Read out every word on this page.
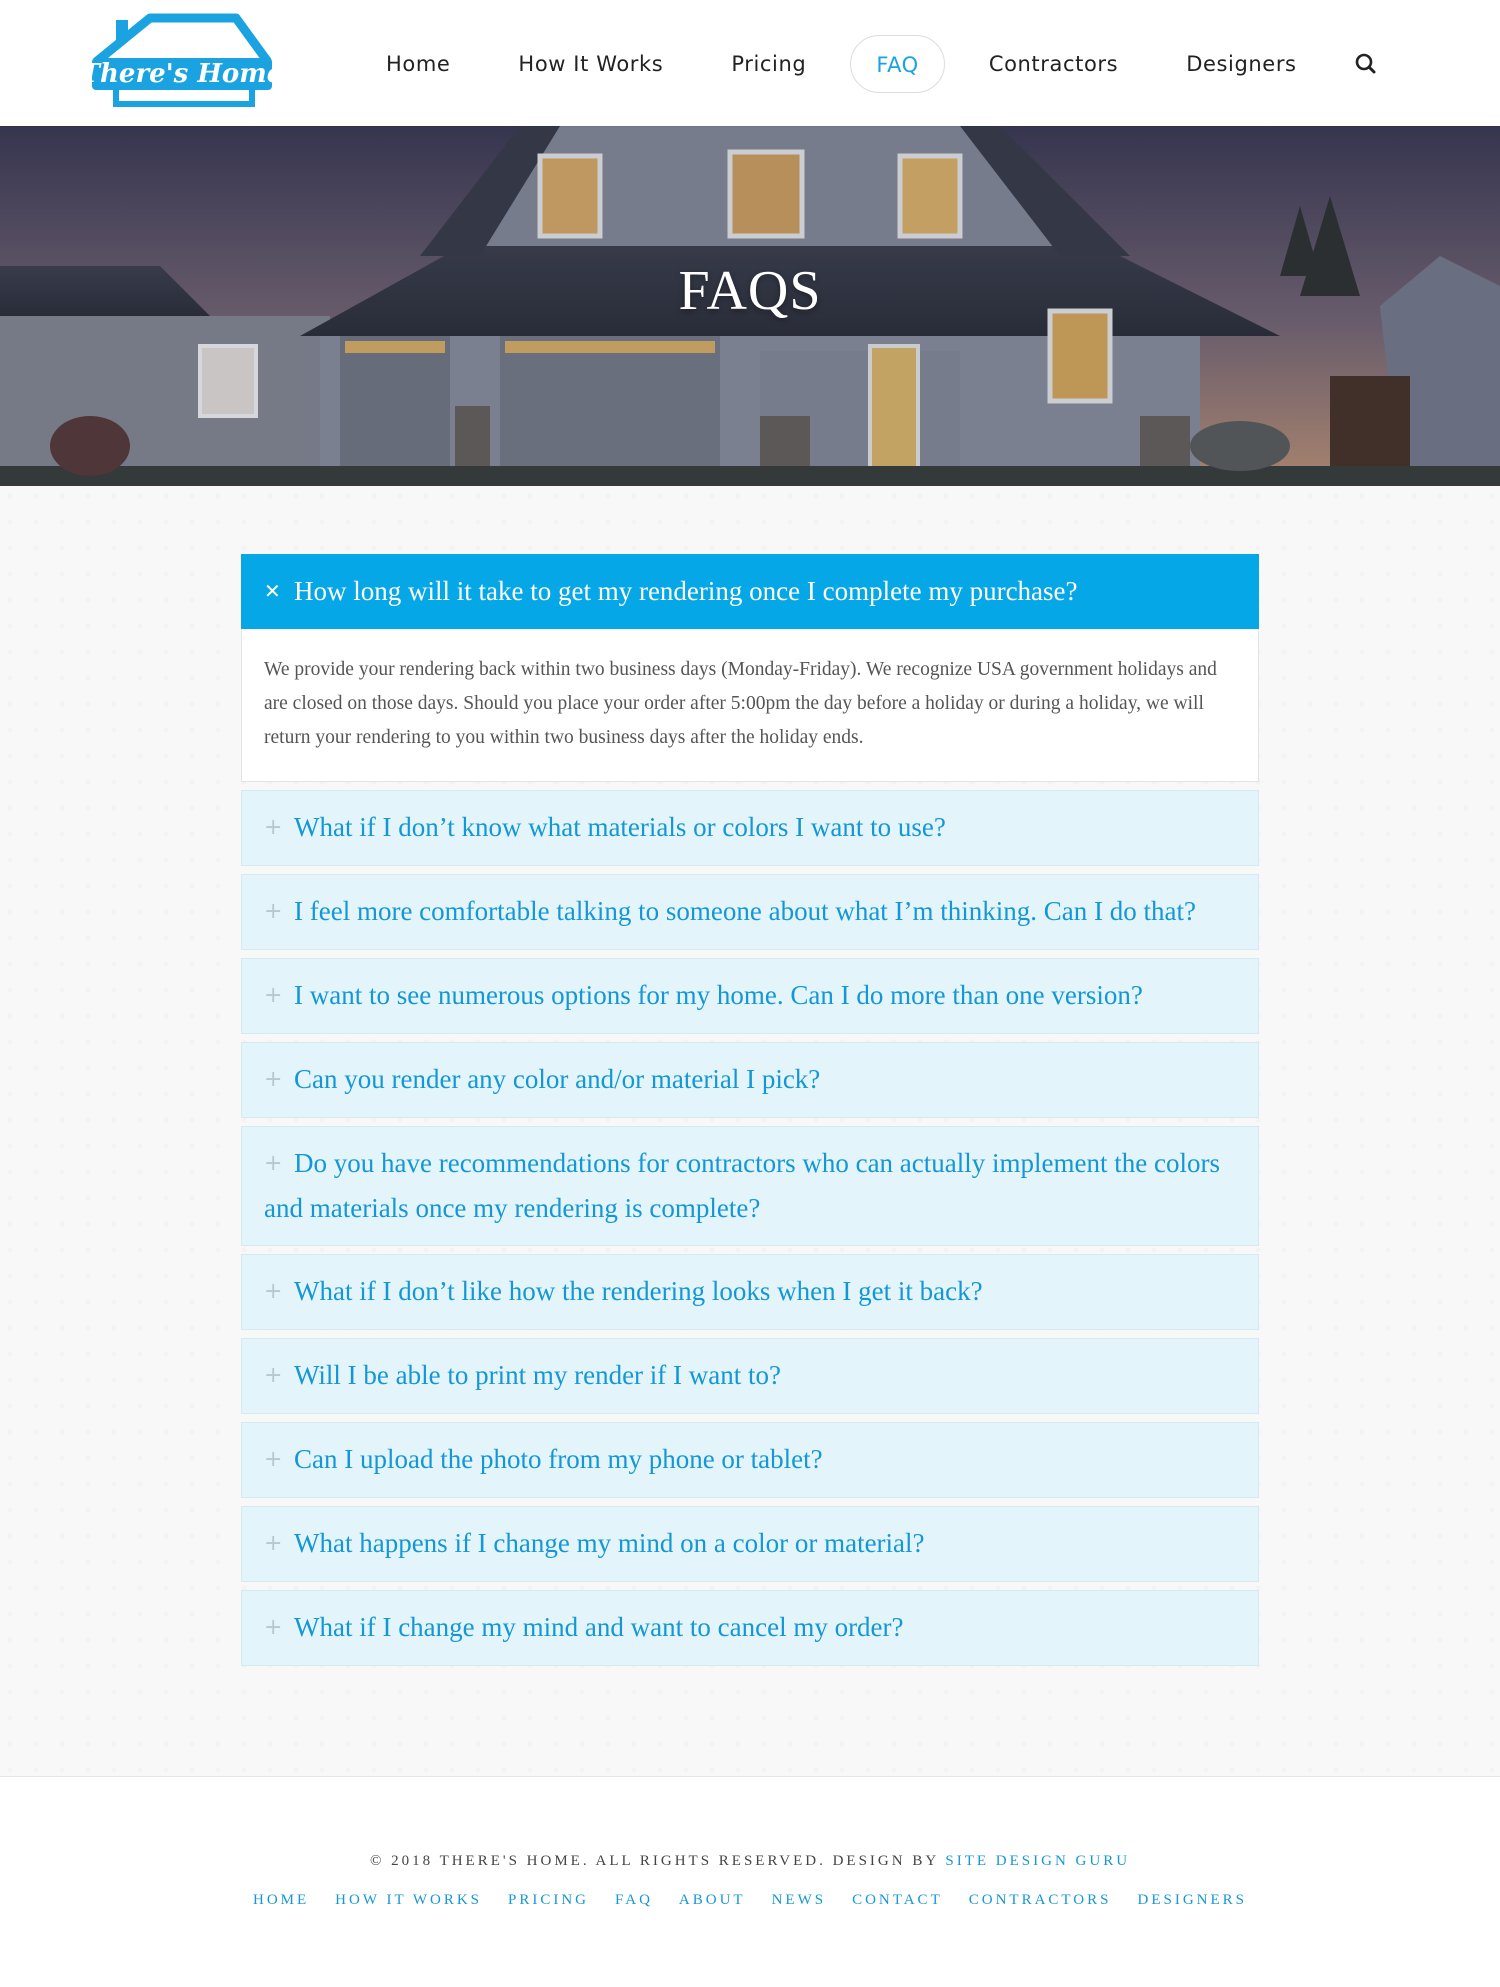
There's Home	Home	How It Works	Pricing	FAQ	Contractors	Designers
FAQS
✕ How long will it take to get my rendering once I complete my purchase?
We provide your rendering back within two business days (Monday-Friday). We recognize USA government holidays and are closed on those days. Should you place your order after 5:00pm the day before a holiday or during a holiday, we will return your rendering to you within two business days after the holiday ends.
+ What if I don’t know what materials or colors I want to use?
+ I feel more comfortable talking to someone about what I’m thinking. Can I do that?
+ I want to see numerous options for my home. Can I do more than one version?
+ Can you render any color and/or material I pick?
+ Do you have recommendations for contractors who can actually implement the colors and materials once my rendering is complete?
+ What if I don’t like how the rendering looks when I get it back?
+ Will I be able to print my render if I want to?
+ Can I upload the photo from my phone or tablet?
+ What happens if I change my mind on a color or material?
+ What if I change my mind and want to cancel my order?
© 2018 THERE'S HOME. ALL RIGHTS RESERVED. DESIGN BY SITE DESIGN GURU
HOME HOW IT WORKS PRICING FAQ ABOUT NEWS CONTACT CONTRACTORS DESIGNERS
